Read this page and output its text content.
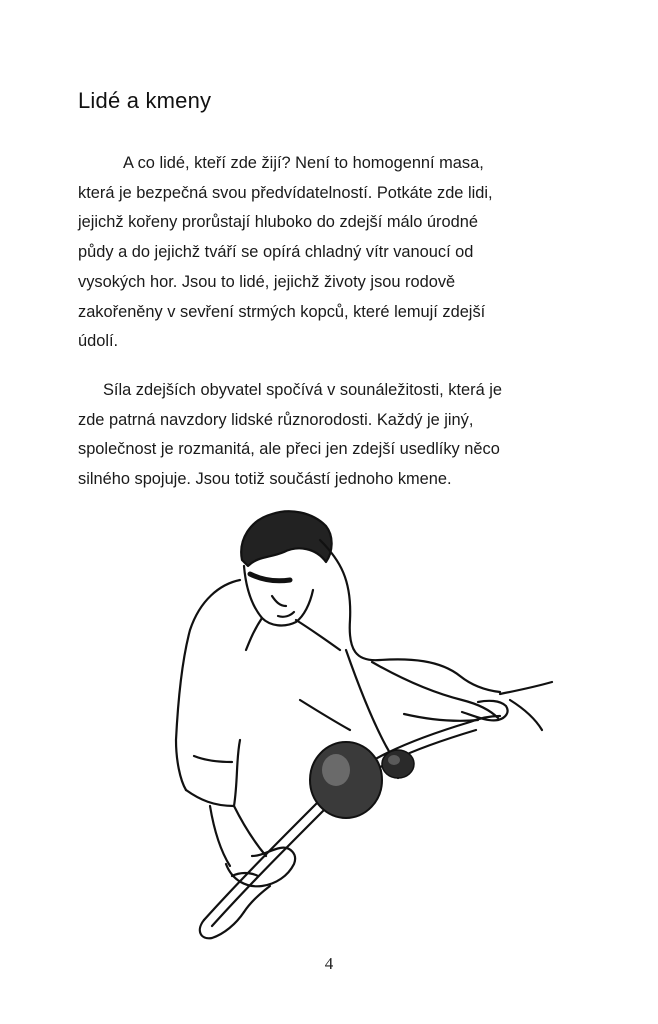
Lidé a kmeny

A co lidé, kteří zde žijí? Není to homogenní masa,
která je bezpečná svou předvídatelností. Potkáte zde lidi,
jejichž kořeny prorůstají hluboko do zdejší málo úrodné
půdy a do jejichž tváří se opírá chladný vítr vanoucí od
vysokých hor. Jsou to lidé, jejichž životy jsou rodově
zakořeněny v sevření strmých kopců, které lemují zdejší
údolí.

Síla zdejších obyvatel spočívá v sounáležitosti, která je
zde patrná navzdory lidské různorodosti. Každý je jiný,
společnost je rozmanitá, ale přeci jen zdejší usedlíky něco
silného spojuje. Jsou totiž součástí jednoho kmene.

4
